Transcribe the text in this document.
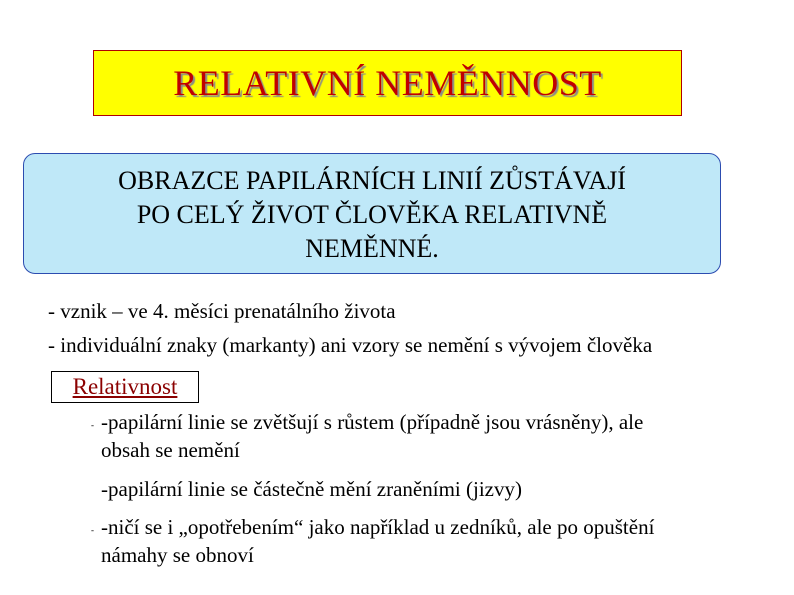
RELATIVNÍ NEMĚNNOST
OBRAZCE PAPILÁRNÍCH LINIÍ ZŮSTÁVAJÍ
PO CELÝ ŽIVOT ČLOVĚKA RELATIVNĚ
NEMĚNNÉ.
- vznik – ve 4. měsíci prenatálního života
- individuální znaky (markanty) ani vzory se nemění s vývojem člověka
Relativnost
- -papilární linie se zvětšují s růstem (případně jsou vrásněny), ale
obsah se nemění
-papilární linie se částečně mění zraněními (jizvy)
- -ničí se i „opotřebením“ jako například u zedníků, ale po opuštění
námahy se obnoví
